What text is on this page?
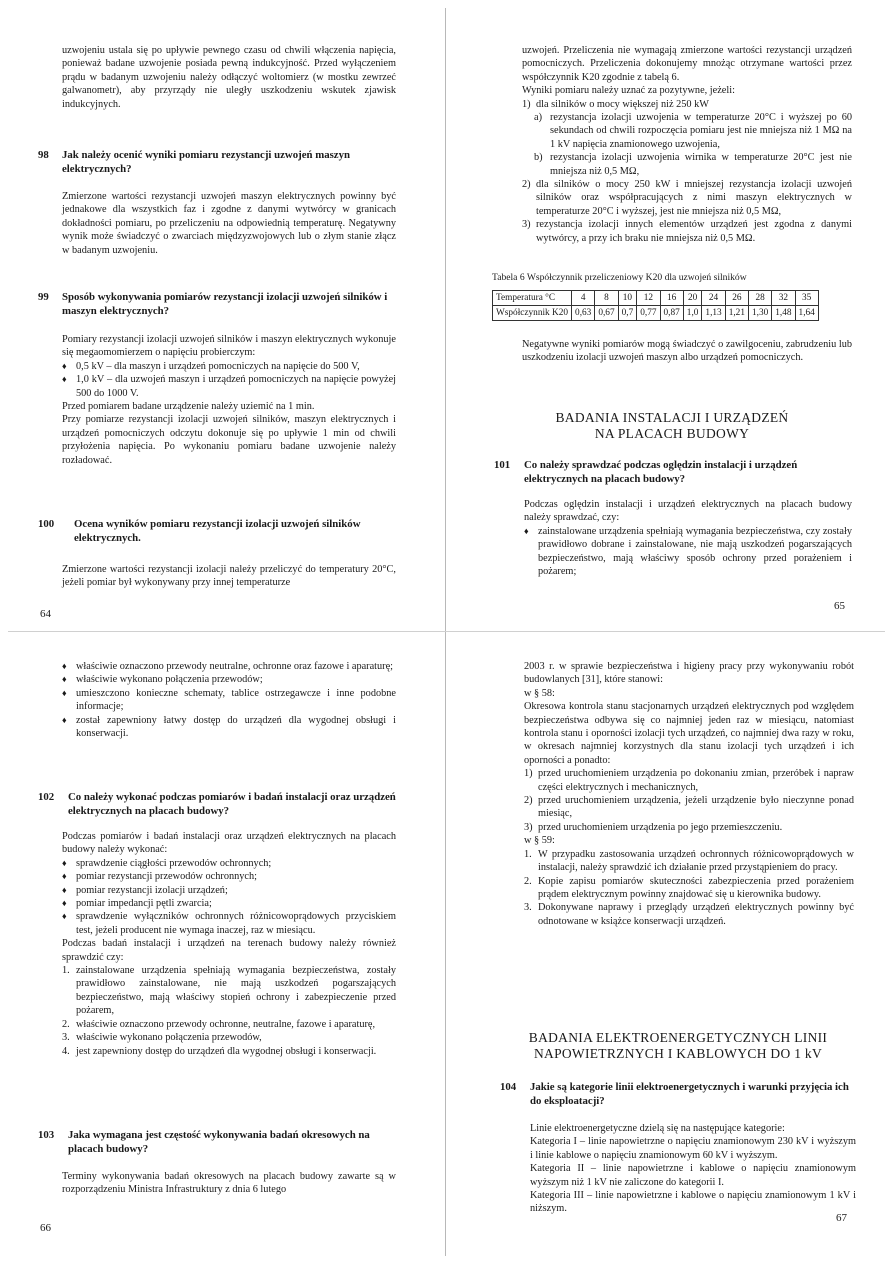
uzwojeniu ustala się po upływie pewnego czasu od chwili włączenia napięcia, ponieważ badane uzwojenie posiada pewną indukcyjność. Przed wyłączeniem prądu w badanym uzwojeniu należy odłączyć woltomierz (w mostku zewrzeć galwanometr), aby przyrządy nie uległy uszkodzeniu wskutek zjawisk indukcyjnych.
98	Jak należy ocenić wyniki pomiaru rezystancji uzwojeń maszyn elektrycznych?
Zmierzone wartości rezystancji uzwojeń maszyn elektrycznych powinny być jednakowe dla wszystkich faz i zgodne z danymi wytwórcy w granicach dokładności pomiaru, po przeliczeniu na odpowiednią temperaturę. Negatywny wynik może świadczyć o zwarciach międzyzwojowych lub o złym stanie złącz w badanym uzwojeniu.
99	Sposób wykonywania pomiarów rezystancji izolacji uzwojeń silników i maszyn elektrycznych?

Pomiary rezystancji izolacji uzwojeń silników i maszyn elektrycznych wykonuje się megaomomierzem o napięciu probierczym:

♦ 0,5 kV – dla maszyn i urządzeń pomocniczych na napięcie do 500 V,
♦ 1,0 kV – dla uzwojeń maszyn i urządzeń pomocniczych na napięcie powyżej 500 do 1000 V.

Przed pomiarem badane urządzenie należy uziemić na 1 min.

Przy pomiarze rezystancji izolacji uzwojeń silników, maszyn elektrycznych i urządzeń pomocniczych odczytu dokonuje się po upływie 1 min od chwili przyłożenia napięcia. Po wykonaniu pomiaru badane uzwojenie należy rozładować.

100	Ocena wyników pomiaru rezystancji izolacji uzwojeń silników elektrycznych.
Zmierzone wartości rezystancji izolacji należy przeliczyć do temperatury 20°C, jeżeli pomiar był wykonywany przy innej temperaturze
64

uzwojeń. Przeliczenia nie wymagają zmierzone wartości rezystancji urządzeń pomocniczych. Przeliczenia dokonujemy mnożąc otrzymane wartości przez współczynnik K20 zgodnie z tabelą 6.

Wyniki pomiaru należy uznać za pozytywne, jeżeli:

1) dla silników o mocy większej niż 250 kW
a) rezystancja izolacji uzwojenia w temperaturze 20°C i wyższej po 60 sekundach od chwili rozpoczęcia pomiaru jest nie mniejsza niż 1 MΩ na 1 kV napięcia znamionowego uzwojenia,
b) rezystancja izolacji uzwojenia wirnika w temperaturze 20°C jest nie mniejsza niż 0,5 MΩ,
2) dla silników o mocy 250 kW i mniejszej rezystancja izolacji uzwojeń silników oraz współpracujących z nimi maszyn elektrycznych w temperaturze 20°C i wyższej, jest nie mniejsza niż 0,5 MΩ,
3) rezystancja izolacji innych elementów urządzeń jest zgodna z danymi wytwórcy, a przy ich braku nie mniejsza niż 0,5 MΩ.
Tabela 6 Współczynnik przeliczeniowy K20 dla uzwojeń silników
Temperatura °C	4	8	10	12	16	20	24	26	28	32	35
Współczynnik K20	0,63	0,67	0,7	0,77	0,87	1,0	1,13	1,21	1,30	1,48	1,64
Negatywne wyniki pomiarów mogą świadczyć o zawilgoceniu, zabrudzeniu lub uszkodzeniu izolacji uzwojeń maszyn albo urządzeń pomocniczych.
BADANIA INSTALACJI I URZĄDZEŃ
NA PLACACH BUDOWY
101	Co należy sprawdzać podczas oględzin instalacji i urządzeń elektrycznych na placach budowy?

Podczas oględzin instalacji i urządzeń elektrycznych na placach budowy należy sprawdzać, czy:

♦ zainstalowane urządzenia spełniają wymagania bezpieczeństwa, czy zostały prawidłowo dobrane i zainstalowane, nie mają uszkodzeń pogarszających bezpieczeństwo, mają właściwy sposób ochrony przed porażeniem i pożarem;
65
♦ właściwie oznaczono przewody neutralne, ochronne oraz fazowe i aparaturę;
♦ właściwie wykonano połączenia przewodów;
♦ umieszczono konieczne schematy, tablice ostrzegawcze i inne podobne informacje;
♦ został zapewniony łatwy dostęp do urządzeń dla wygodnej obsługi i konserwacji.
102	Co należy wykonać podczas pomiarów i badań instalacji oraz urządzeń elektrycznych na placach budowy?

Podczas pomiarów i badań instalacji oraz urządzeń elektrycznych na placach budowy należy wykonać:

♦ sprawdzenie ciągłości przewodów ochronnych;
♦ pomiar rezystancji przewodów ochronnych;
♦ pomiar rezystancji izolacji urządzeń;
♦ pomiar impedancji pętli zwarcia;
♦ sprawdzenie wyłączników ochronnych różnicowoprądowych przyciskiem test, jeżeli producent nie wymaga inaczej, raz w miesiącu.

Podczas badań instalacji i urządzeń na terenach budowy należy również sprawdzić czy:

1. zainstalowane urządzenia spełniają wymagania bezpieczeństwa, zostały prawidłowo zainstalowane, nie mają uszkodzeń pogarszających bezpieczeństwo, mają właściwy stopień ochrony i zabezpieczenie przed pożarem,
2. właściwie oznaczono przewody ochronne, neutralne, fazowe i aparaturę,
3. właściwie wykonano połączenia przewodów,
4. jest zapewniony dostęp do urządzeń dla wygodnej obsługi i konserwacji.
103	Jaka wymagana jest częstość wykonywania badań okresowych na placach budowy?
Terminy wykonywania badań okresowych na placach budowy zawarte są w rozporządzeniu Ministra Infrastruktury z dnia 6 lutego
66

2003 r. w sprawie bezpieczeństwa i higieny pracy przy wykonywaniu robót budowlanych [31], które stanowi:

w § 58:

Okresowa kontrola stanu stacjonarnych urządzeń elektrycznych pod względem bezpieczeństwa odbywa się co najmniej jeden raz w miesiącu, natomiast kontrola stanu i oporności izolacji tych urządzeń, co najmniej dwa razy w roku, w okresach najmniej korzystnych dla stanu izolacji tych urządzeń i ich oporności a ponadto:

1) przed uruchomieniem urządzenia po dokonaniu zmian, przeróbek i napraw części elektrycznych i mechanicznych,
2) przed uruchomieniem urządzenia, jeżeli urządzenie było nieczynne ponad miesiąc,
3) przed uruchomieniem urządzenia po jego przemieszczeniu.

w § 59:

1. W przypadku zastosowania urządzeń ochronnych różnicowoprądowych w instalacji, należy sprawdzić ich działanie przed przystąpieniem do pracy.
2. Kopie zapisu pomiarów skuteczności zabezpieczenia przed porażeniem prądem elektrycznym powinny znajdować się u kierownika budowy.
3. Dokonywane naprawy i przeglądy urządzeń elektrycznych powinny być odnotowane w książce konserwacji urządzeń.
BADANIA ELEKTROENERGETYCZNYCH LINII
NAPOWIETRZNYCH I KABLOWYCH DO 1 kV
104	Jakie są kategorie linii elektroenergetycznych i warunki przyjęcia ich do eksploatacji?

Linie elektroenergetyczne dzielą się na następujące kategorie:

Kategoria I – linie napowietrzne o napięciu znamionowym 230 kV i wyższym i linie kablowe o napięciu znamionowym 60 kV i wyższym.

Kategoria II – linie napowietrzne i kablowe o napięciu znamionowym wyższym niż 1 kV nie zaliczone do kategorii I.

Kategoria III – linie napowietrzne i kablowe o napięciu znamionowym 1 kV i niższym.

67
